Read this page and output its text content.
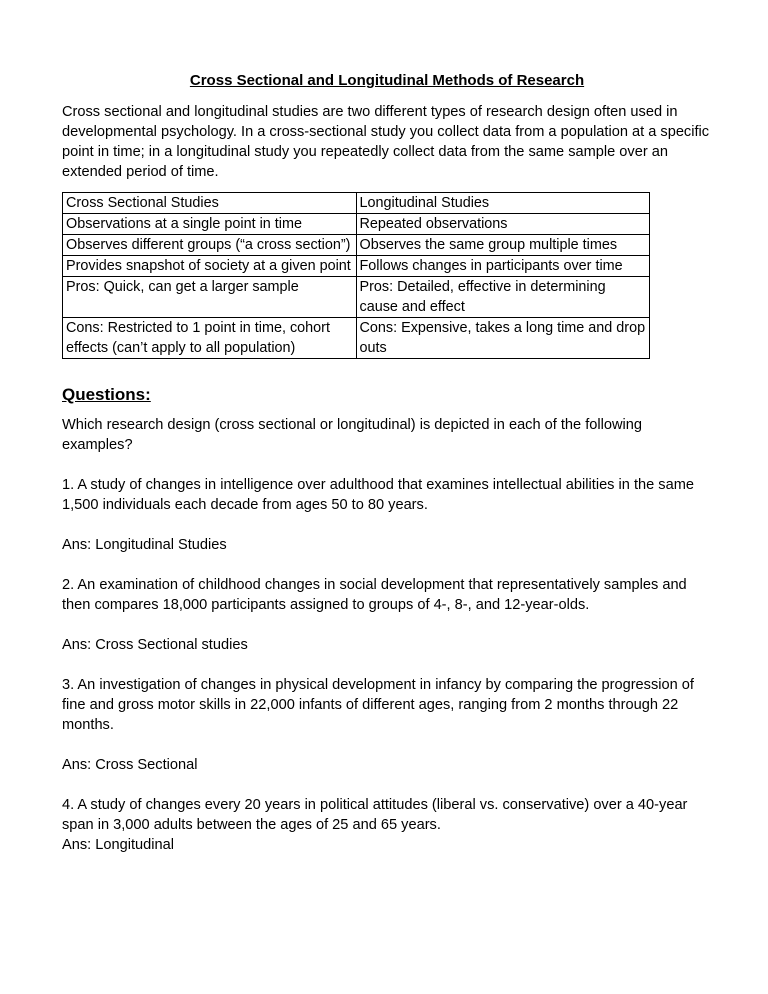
Cross Sectional and Longitudinal Methods of Research

Cross sectional and longitudinal studies are two different types of research design often used in developmental psychology. In a cross-sectional study you collect data from a population at a specific point in time; in a longitudinal study you repeatedly collect data from the same sample over an extended period of time.

Cross Sectional Studies	Longitudinal Studies
Observations at a single point in time	Repeated observations
Observes different groups (“a cross section”)	Observes the same group multiple times
Provides snapshot of society at a given point	Follows changes in participants over time
Pros: Quick, can get a larger sample	Pros: Detailed, effective in determining cause and effect
Cons: Restricted to 1 point in time, cohort effects (can’t apply to all population)	Cons: Expensive, takes a long time and drop outs
Questions:

Which research design (cross sectional or longitudinal) is depicted in each of the following examples?

1. A study of changes in intelligence over adulthood that examines intellectual abilities in the same 1,500 individuals each decade from ages 50 to 80 years.

Ans: Longitudinal Studies

2. An examination of childhood changes in social development that representatively samples and then compares 18,000 participants assigned to groups of 4-, 8-, and 12-year-olds.

Ans: Cross Sectional studies

3. An investigation of changes in physical development in infancy by comparing the progression of fine and gross motor skills in 22,000 infants of different ages, ranging from 2 months through 22 months.

Ans: Cross Sectional

4. A study of changes every 20 years in political attitudes (liberal vs. conservative) over a 40-year span in 3,000 adults between the ages of 25 and 65 years.

Ans: Longitudinal
